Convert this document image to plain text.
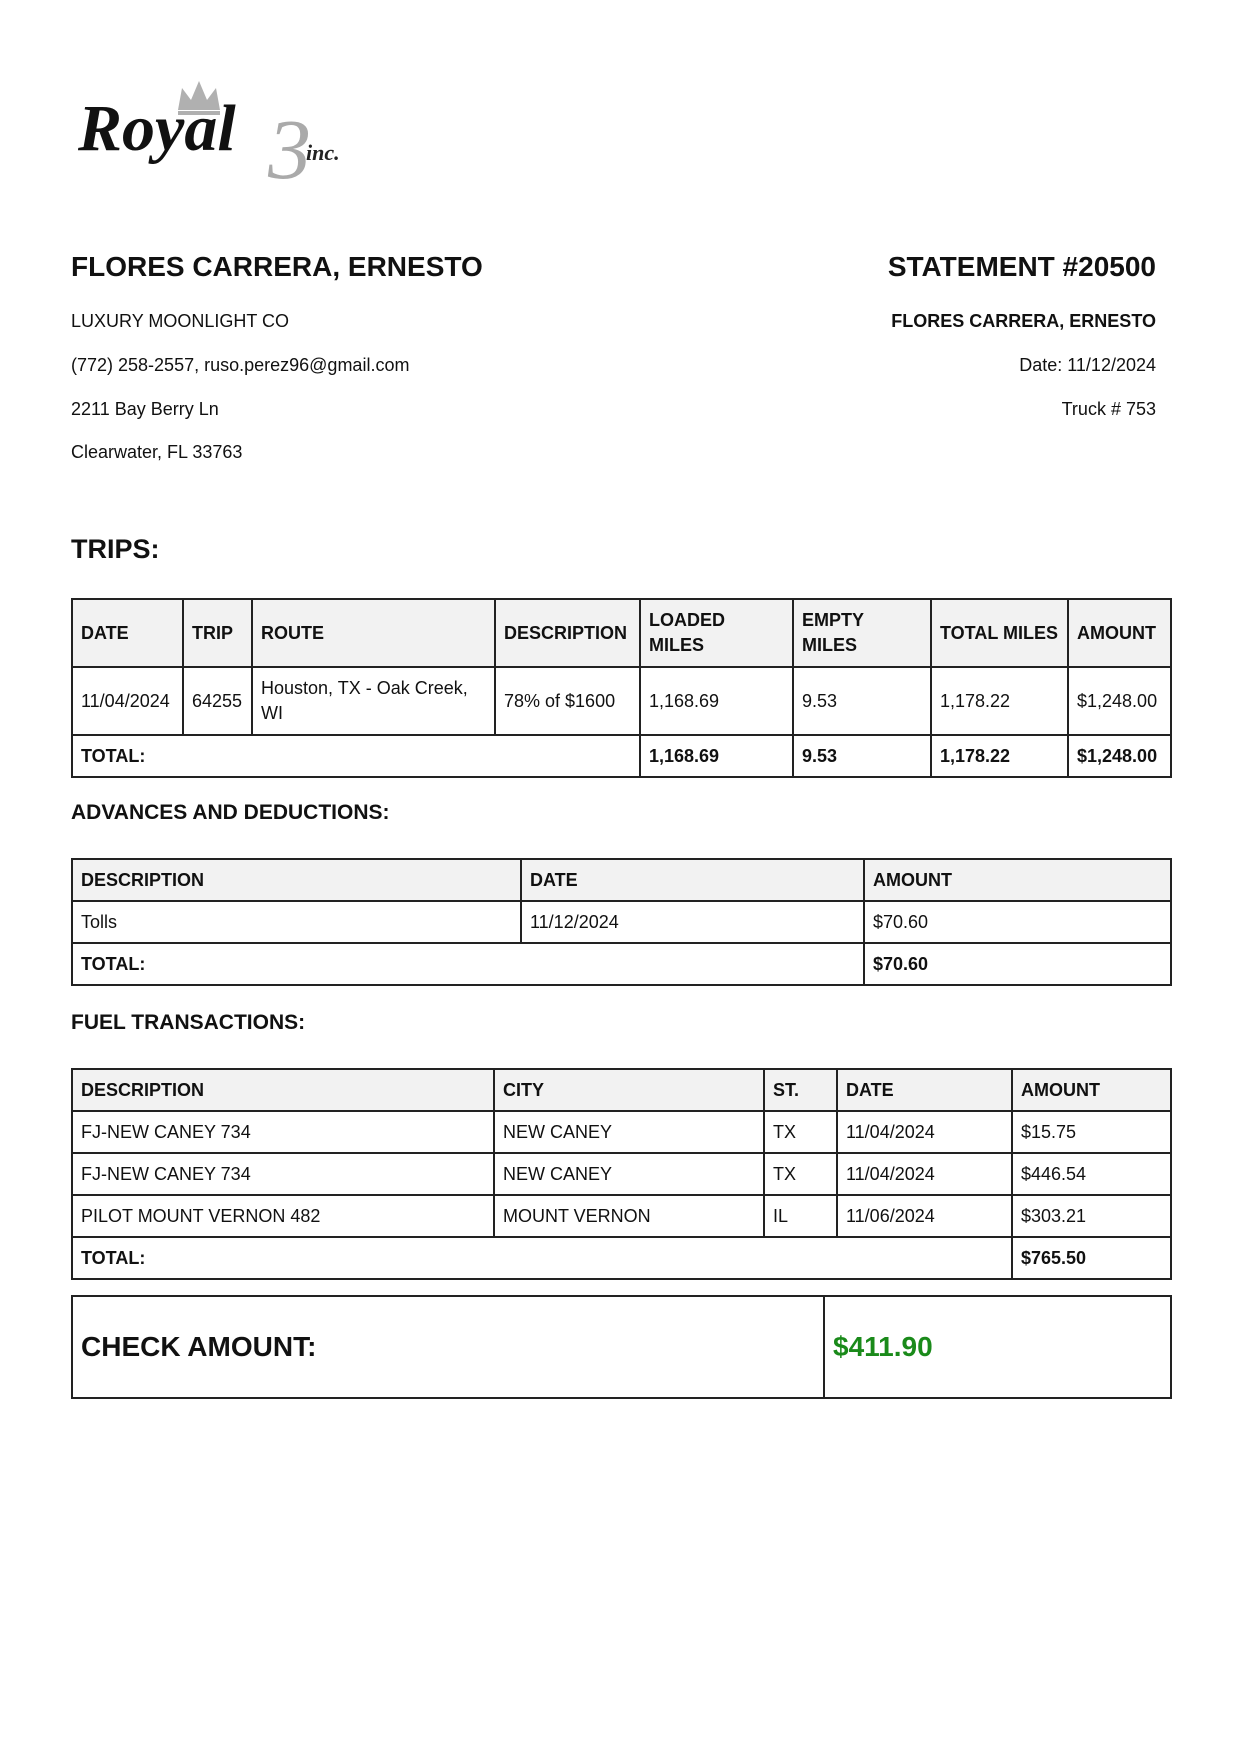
3
Royal	inc.
FLORES CARRERA, ERNESTO
LUXURY MOONLIGHT CO
(772) 258-2557, ruso.perez96@gmail.com
2211 Bay Berry Ln
Clearwater, FL 33763
STATEMENT #20500
FLORES CARRERA, ERNESTO
Date: 11/12/2024
Truck # 753
TRIPS:
DATE	TRIP	ROUTE	DESCRIPTION	LOADED MILES	EMPTY MILES	TOTAL MILES	AMOUNT
11/04/2024	64255	Houston, TX - Oak Creek, WI	78% of $1600	1,168.69	9.53	1,178.22	$1,248.00
TOTAL:				1,168.69	9.53	1,178.22	$1,248.00
ADVANCES AND DEDUCTIONS:
DESCRIPTION	DATE	AMOUNT
Tolls	11/12/2024	$70.60
TOTAL:		$70.60
FUEL TRANSACTIONS:
DESCRIPTION	CITY	ST.	DATE	AMOUNT
FJ-NEW CANEY 734	NEW CANEY	TX	11/04/2024	$15.75
FJ-NEW CANEY 734	NEW CANEY	TX	11/04/2024	$446.54
PILOT MOUNT VERNON 482	MOUNT VERNON	IL	11/06/2024	$303.21
TOTAL:				$765.50
CHECK AMOUNT:	$411.90
